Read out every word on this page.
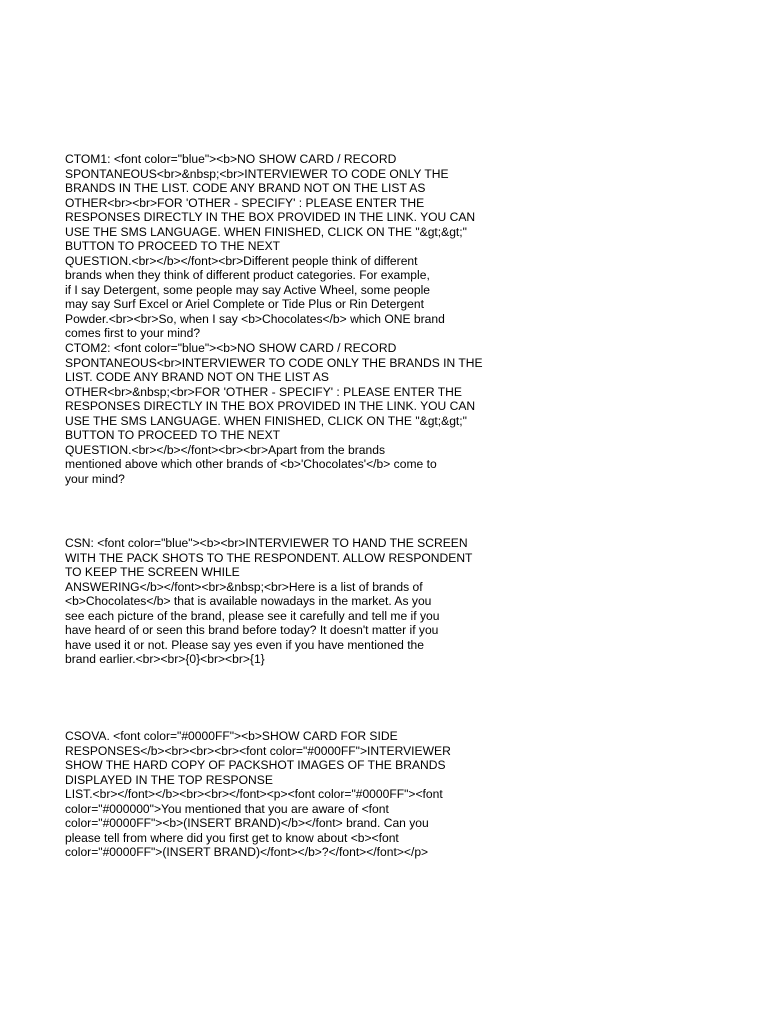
CTOM1: <font color="blue"><b>NO SHOW CARD / RECORD
SPONTANEOUS<br>&nbsp;<br>INTERVIEWER TO CODE ONLY THE
BRANDS IN THE LIST. CODE ANY BRAND NOT ON THE LIST AS
OTHER<br><br>FOR 'OTHER - SPECIFY' : PLEASE ENTER THE
RESPONSES DIRECTLY IN THE BOX PROVIDED IN THE LINK. YOU CAN
USE THE SMS LANGUAGE. WHEN FINISHED, CLICK ON THE "&gt;&gt;"
BUTTON TO PROCEED TO THE NEXT
QUESTION.<br></b></font><br>Different people think of different
brands when they think of different product categories. For example,
if I say Detergent, some people may say Active Wheel, some people
may say Surf Excel or Ariel Complete or Tide Plus or Rin Detergent
Powder.<br><br>So, when I say <b>Chocolates</b> which ONE brand
comes first to your mind?

CTOM2: <font color="blue"><b>NO SHOW CARD / RECORD
SPONTANEOUS<br>INTERVIEWER TO CODE ONLY THE BRANDS IN THE
LIST. CODE ANY BRAND NOT ON THE LIST AS
OTHER<br>&nbsp;<br>FOR 'OTHER - SPECIFY' : PLEASE ENTER THE
RESPONSES DIRECTLY IN THE BOX PROVIDED IN THE LINK. YOU CAN
USE THE SMS LANGUAGE. WHEN FINISHED, CLICK ON THE "&gt;&gt;"
BUTTON TO PROCEED TO THE NEXT
QUESTION.<br></b></font><br><br>Apart from the brands
mentioned above which other brands of <b>'Chocolates'</b> come to
your mind?

CSN: <font color="blue"><b><br>INTERVIEWER TO HAND THE SCREEN
WITH THE PACK SHOTS TO THE RESPONDENT. ALLOW RESPONDENT
TO KEEP THE SCREEN WHILE
ANSWERING</b></font><br>&nbsp;<br>Here is a list of brands of
<b>Chocolates</b> that is available nowadays in the market. As you
see each picture of the brand, please see it carefully and tell me if you
have heard of or seen this brand before today? It doesn't matter if you
have used it or not. Please say yes even if you have mentioned the
brand earlier.<br><br>{0}<br><br>{1}

CSOVA. <font color="#0000FF"><b>SHOW CARD FOR SIDE
RESPONSES</b><br><br><br><font color="#0000FF">INTERVIEWER
SHOW THE HARD COPY OF PACKSHOT IMAGES OF THE BRANDS
DISPLAYED IN THE TOP RESPONSE
LIST.<br></font></b><br><br></font><p><font color="#0000FF"><font
color="#000000">You mentioned that you are aware of <font
color="#0000FF"><b>(INSERT BRAND)</b></font> brand. Can you
please tell from where did you first get to know about <b><font
color="#0000FF">(INSERT BRAND)</font></b>?</font></font></p>
